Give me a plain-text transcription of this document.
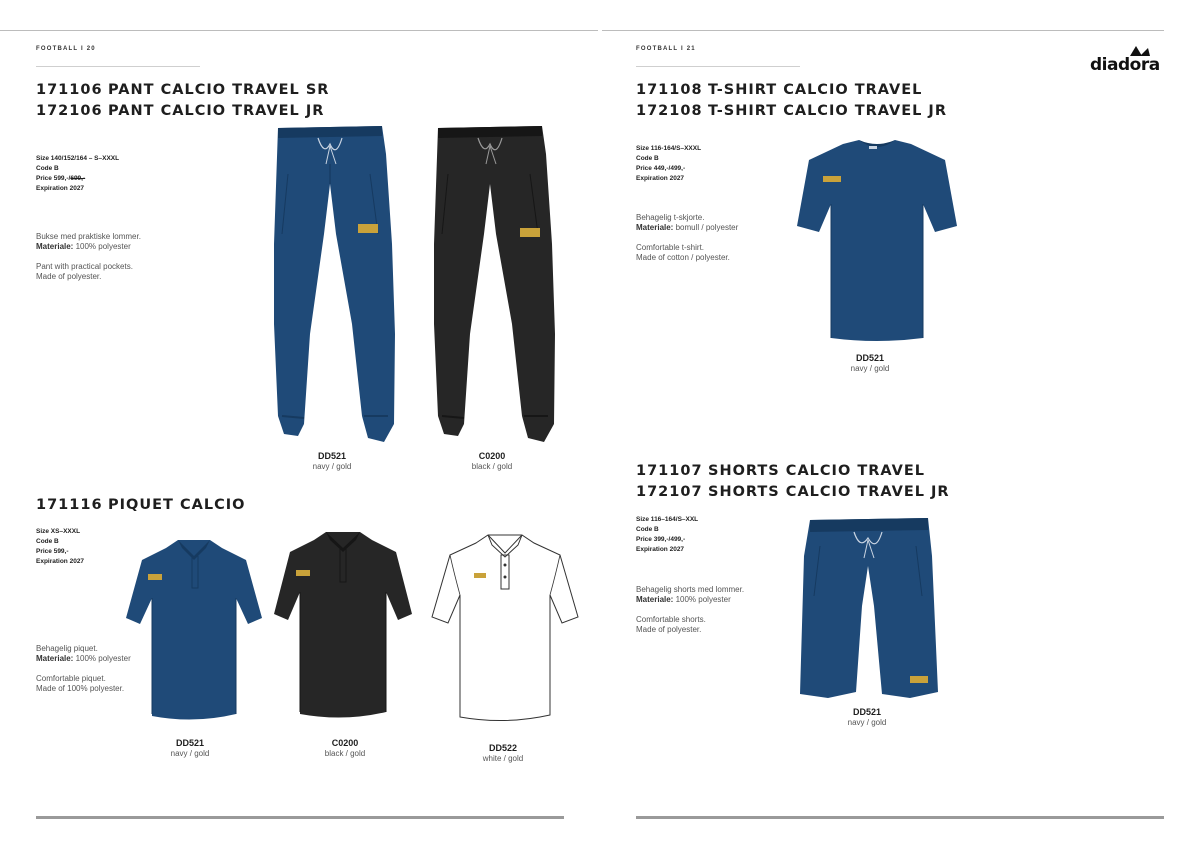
FOOTBALL I 20	FOOTBALL I 21
diadora
171106 PANT CALCIO TRAVEL SR
172106 PANT CALCIO TRAVEL JR
Size 140/152/164 – S–XXXL
Code B
Price 599,-/699,-
Expiration 2027
Bukse med praktiske lommer.
Materiale: 100% polyester
Pant with practical pockets.
Made of polyester.
DD521
navy / gold
C0200
black / gold
171116 PIQUET CALCIO
Size XS–XXXL
Code B
Price 599,-
Expiration 2027
Behagelig piquet.
Materiale: 100% polyester
Comfortable piquet.
Made of 100% polyester.
DD521
navy / gold
C0200
black / gold
DD522
white / gold
171108 T-SHIRT CALCIO TRAVEL
172108 T-SHIRT CALCIO TRAVEL JR
Size 116-164/S–XXXL
Code B
Price 449,-/499,-
Expiration 2027
Behagelig t-skjorte.
Materiale: bomull / polyester
Comfortable t-shirt.
Made of cotton / polyester.
DD521
navy / gold
171107 SHORTS CALCIO TRAVEL
172107 SHORTS CALCIO TRAVEL JR
Size 116–164/S–XXL
Code B
Price 399,-/499,-
Expiration 2027
Behagelig shorts med lommer.
Materiale: 100% polyester
Comfortable shorts.
Made of polyester.
DD521
navy / gold
